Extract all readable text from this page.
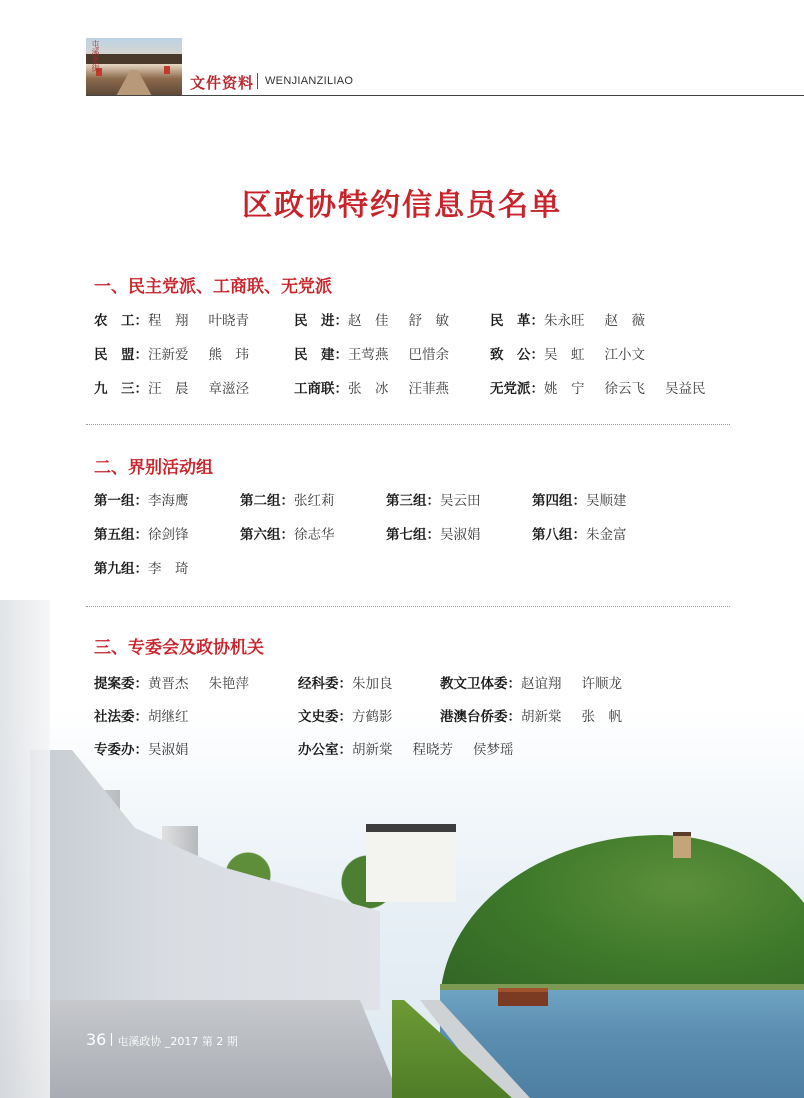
屯溪老街
文件资料 WENJIANZILIAO
区政协特约信息员名单
一、民主党派、工商联、无党派
农　工：程　翔 叶晓青	民　进：赵　佳 舒　敏	民　革：朱永旺 赵　薇
民　盟：汪新爱 熊　玮	民　建：王莺燕 巴惜余	致　公：吴　虹 江小文
九　三：汪　晨 章滋泾	工商联：张　冰 汪菲燕	无党派：姚　宁 徐云飞 吴益民
二、界别活动组
第一组：李海鹰	第二组：张红莉	第三组：吴云田	第四组：吴顺建
第五组：徐剑锋	第六组：徐志华	第七组：吴淑娟	第八组：朱金富
第九组：李　琦
三、专委会及政协机关
提案委：黄晋杰 朱艳萍	经科委：朱加良	教文卫体委：赵谊翔 许顺龙
社法委：胡继红	文史委：方鹤影	港澳台侨委：胡新棠 张　帆
专委办：吴淑娟	办公室：胡新棠 程晓芳 侯梦瑶
36 屯溪政协 _2017 第 2 期
